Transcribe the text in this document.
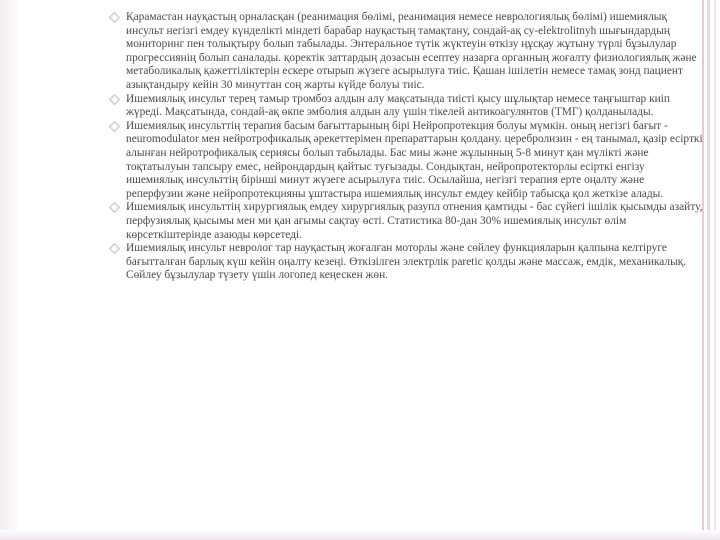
Қарамастан науқастың орналасқан (реанимация бөлімі, реанимация немесе неврологиялық бөлімі) ишемиялық инсульт негізгі емдеу күнделікті міндеті барабар науқастың тамақтану, сондай-ақ су-elektrolitnyh шығындардың мониторинг пен толықтыру болып табылады. Энтеральное түтік жүктеуін өткізу ңұсқау жұтыну түрлі бұзылулар прогрессиянің болып саналады. қоректік заттардың дозасын есептеу назарға органның жоғалту физиологиялық және метаболикалық қажеттіліктерін ескере отырып жүзеге асырылуға тиіс. Қашан ішілетін немесе тамақ зонд пациент азықтандыру кейін 30 минуттан соң жарты күйде болуы тиіс.
Ишемиялық инсульт терең тамыр тромбоз алдын алу мақсатында тиісті қысу шұлықтар немесе таңғыштар киіп жүреді. Мақсатында, сондай-ақ өкпе эмболия алдын алу үшін тікелей антикоагулянтов (ТМГ) қолданылады.
Ишемиялық инсульттің терапия басым бағыттарының бірі Нейропротекция болуы мүмкін. оның негізгі бағыт - neuromodulator мен нейротрофикалық әрекеттерімен препараттарын қолдану. церебролизин - ең танымал, қазір есірткі алынған нейротрофикалық сериясы болып табылады. Бас миы және жұлынның 5-8 минут қан мүлікті және тоқтатылуын тапсыру емес, нейрондардың қайтыс туғызады. Сондықтан, нейропротекторлы есірткі енгізу ишемиялық инсульттің бірінші минут жүзеге асырылуға тиіс. Осылайша, негізгі терапия ерте оңалту және реперфузии және нейропротекцияны ұштастыра ишемиялық инсульт емдеу кейбір табысқа қол жеткізе алады.
Ишемиялық инсульттің хирургиялық емдеу хирургиялық разупл отнения қамтиды - бас сүйегі ішілік қысымды азайту, перфузиялық қысымы мен ми қан ағымы сақтау өсті. Статистика 80-дан 30% ишемиялық инсульт өлім көрсеткіштерінде азаюды көрсетеді.
Ишемиялық инсульт невролог тар науқастың жоғалған моторлы және сөйлеу функцияларын қалпына келтіруге бағытталған барлық күш кейін оңалту кезеңі. Өткізілген электрлік paretic қолды және массаж, емдік, механикалық. Сөйлеу бұзылулар түзету үшін логопед кеңескен жөн.
